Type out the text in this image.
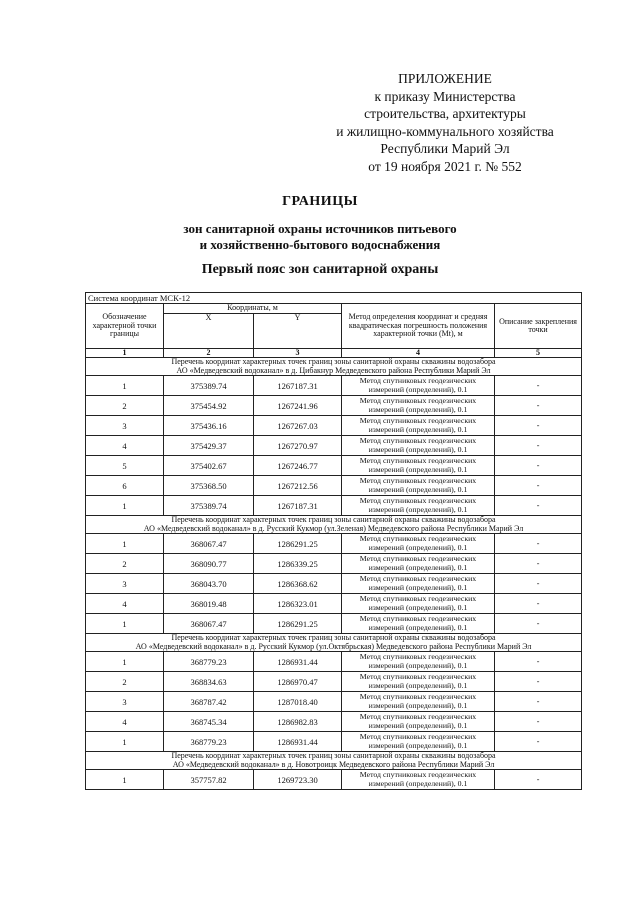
ПРИЛОЖЕНИЕ
к приказу Министерства
строительства, архитектуры
и жилищно-коммунального хозяйства
Республики Марий Эл
от 19 ноября 2021 г. № 552
ГРАНИЦЫ
зон санитарной охраны источников питьевого
и хозяйственно-бытового водоснабжения
Первый пояс зон санитарной охраны
Система координат МСК-12				
Обозначение характерной точки границы	Координаты, м		Метод определения координат и средняя квадратическая погрешность положения характерной точки (Mt), м	Описание закрепления точки
	X	Y		
1	2	3	4	5

Перечень координат характерных точек границ зоны санитарной охраны скважины водозабора
АО «Медведевский водоканал» в д. Цибакнур Медведевского района Республики Марий Эл				

1	375389.74	1267187.31	Метод спутниковых геодезических измерений (определений), 0.1	-
2	375454.92	1267241.96	Метод спутниковых геодезических измерений (определений), 0.1	-
3	375436.16	1267267.03	Метод спутниковых геодезических измерений (определений), 0.1	-
4	375429.37	1267270.97	Метод спутниковых геодезических измерений (определений), 0.1	-
5	375402.67	1267246.77	Метод спутниковых геодезических измерений (определений), 0.1	-
6	375368.50	1267212.56	Метод спутниковых геодезических измерений (определений), 0.1	-
1	375389.74	1267187.31	Метод спутниковых геодезических измерений (определений), 0.1	-

Перечень координат характерных точек границ зоны санитарной охраны скважины водозабора
АО «Медведевский водоканал» в д. Русский Кукмор (ул.Зеленая) Медведевского района Республики Марий Эл				

1	368067.47	1286291.25	Метод спутниковых геодезических измерений (определений), 0.1	-
2	368090.77	1286339.25	Метод спутниковых геодезических измерений (определений), 0.1	-
3	368043.70	1286368.62	Метод спутниковых геодезических измерений (определений), 0.1	-
4	368019.48	1286323.01	Метод спутниковых геодезических измерений (определений), 0.1	-
1	368067.47	1286291.25	Метод спутниковых геодезических измерений (определений), 0.1	-

Перечень координат характерных точек границ зоны санитарной охраны скважины водозабора
АО «Медведевский водоканал» в д. Русский Кукмор (ул.Октябрьская) Медведевского района Республики Марий Эл				

1	368779.23	1286931.44	Метод спутниковых геодезических измерений (определений), 0.1	-
2	368834.63	1286970.47	Метод спутниковых геодезических измерений (определений), 0.1	-
3	368787.42	1287018.40	Метод спутниковых геодезических измерений (определений), 0.1	-
4	368745.34	1286982.83	Метод спутниковых геодезических измерений (определений), 0.1	-
1	368779.23	1286931.44	Метод спутниковых геодезических измерений (определений), 0.1	-

Перечень координат характерных точек границ зоны санитарной охраны скважины водозабора
АО «Медведевский водоканал» в д. Новотроицк Медведевского района Республики Марий Эл				

1	357757.82	1269723.30	Метод спутниковых геодезических измерений (определений), 0.1	-
